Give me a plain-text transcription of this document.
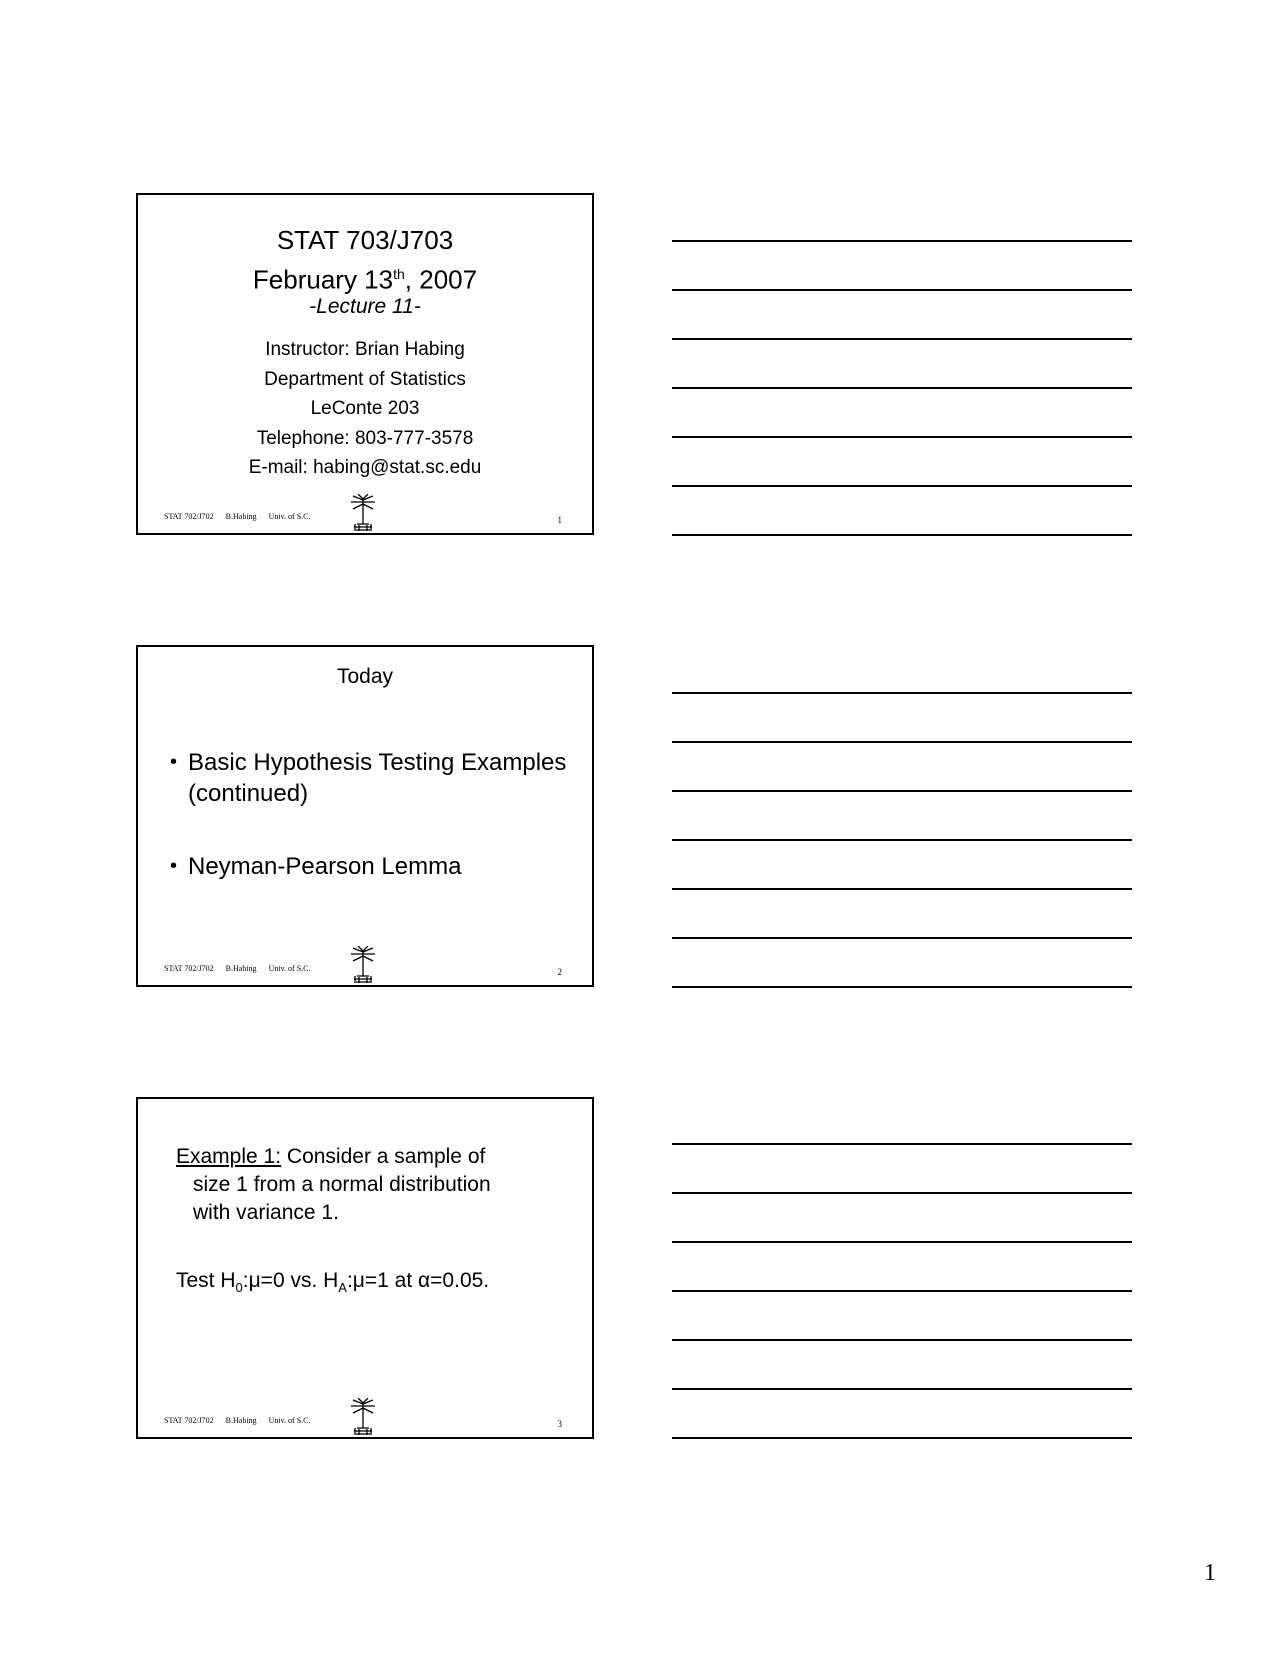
STAT 703/J703
February 13th, 2007
-Lecture 11-
Instructor: Brian Habing
Department of Statistics
LeConte 203
Telephone: 803-777-3578
E-mail: habing@stat.sc.edu
STAT 702/J702 B.Habing Univ. of S.C.	1
Today
• Basic Hypothesis Testing Examples (continued)
• Neyman-Pearson Lemma
STAT 702/J702 B.Habing Univ. of S.C.	2
Example 1: Consider a sample of
size 1 from a normal distribution
with variance 1.
Test $H_0:\mu=0$ vs. $H_A:\mu=1$ at α=0.05.
STAT 702/J702 B.Habing Univ. of S.C.	3
1
